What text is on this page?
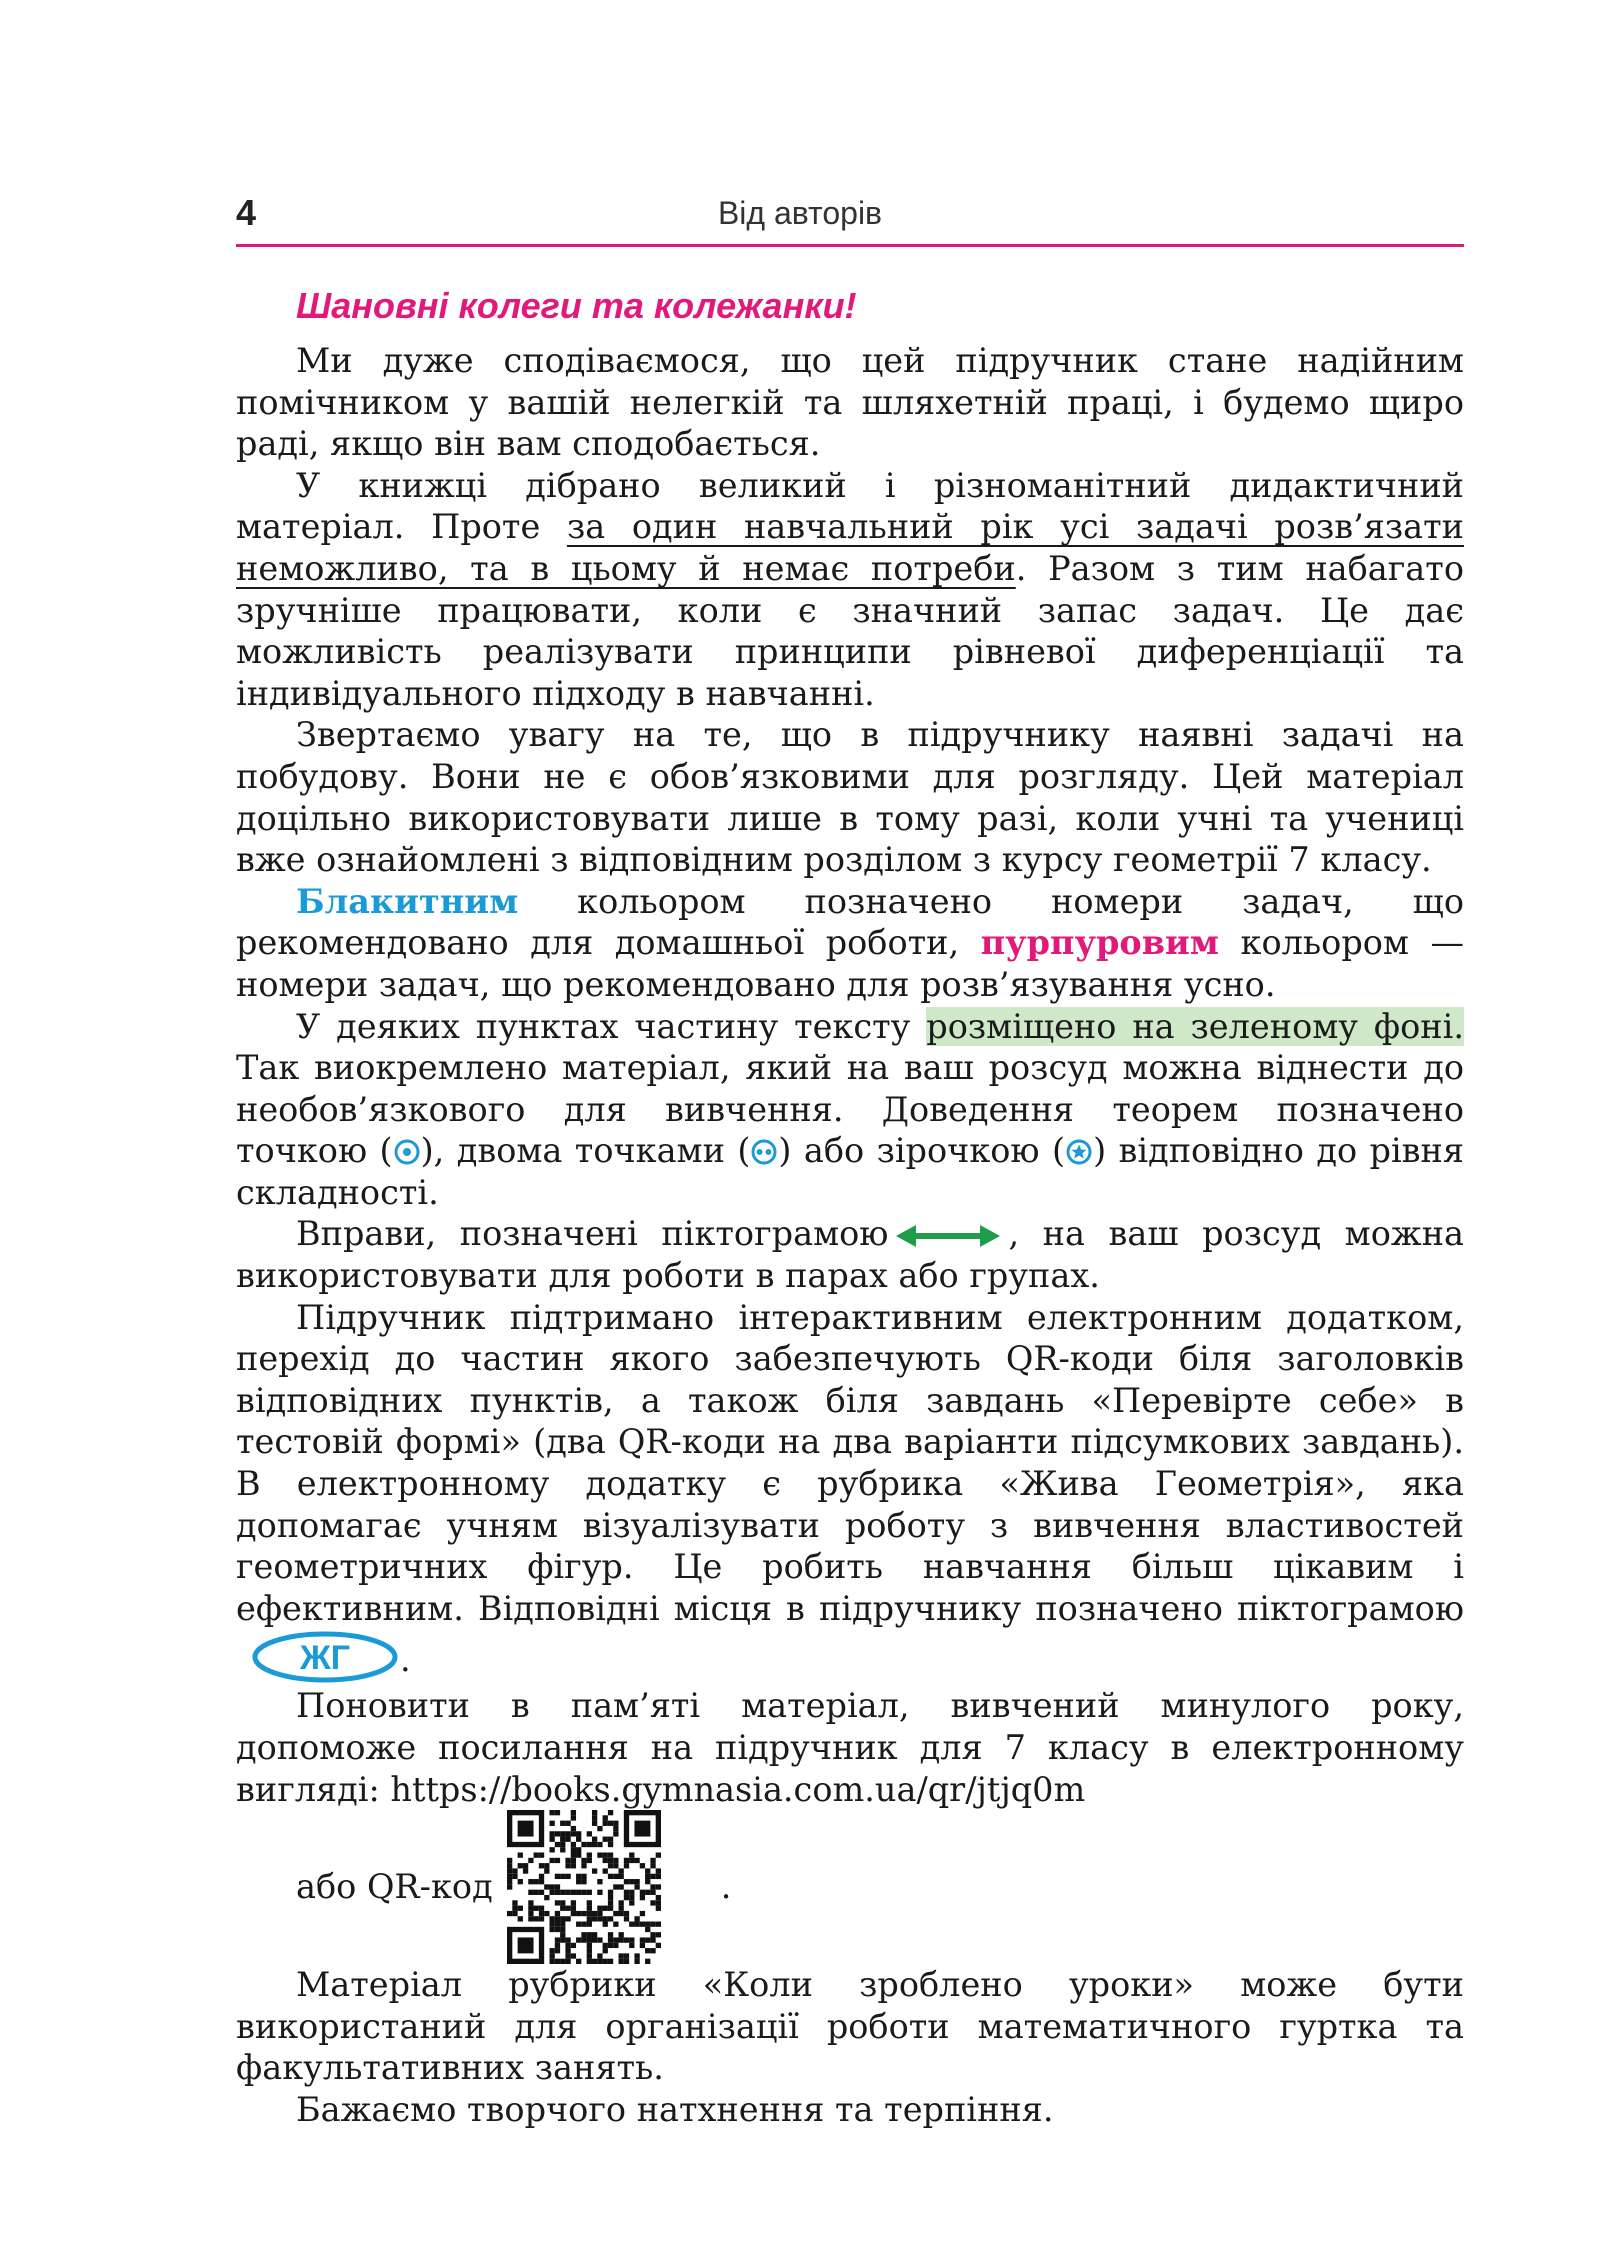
4	Від авторів
Шановні колеги та колежанки!

Ми дуже сподіваємося, що цей підручник стане надійним помічником у вашій нелегкій та шляхетній праці, і будемо щиро раді, якщо він вам сподобається.

У книжці дібрано великий і різноманітний дидактичний матеріал. Проте за один навчальний рік усі задачі розв’язати неможливо, та в цьому й немає потреби. Разом з тим набагато зручніше працювати, коли є значний запас задач. Це дає можливість реалізувати принципи рівневої диференціації та індивідуального підходу в навчанні.

Звертаємо увагу на те, що в підручнику наявні задачі на побудову. Вони не є обов’язковими для розгляду. Цей матеріал доцільно використовувати лише в тому разі, коли учні та учениці вже ознайомлені з відповідним розділом з курсу геометрії 7 класу.

Блакитним кольором позначено номери задач, що рекомендовано для домашньої роботи, пурпуровим кольором — номери задач, що рекомендовано для розв’язування усно.

У деяких пунктах частину тексту розміщено на зеленому фоні. Так виокремлено матеріал, який на ваш розсуд можна віднести до необов’язкового для вивчення. Доведення теорем позначено точкою ( ), двома точками ( ) або зірочкою ( ) відповідно до рівня складності.

Вправи, позначені піктограмою	, на ваш розсуд можна використовувати для роботи в парах або групах.

Підручник підтримано інтерактивним електронним додатком, перехід до частин якого забезпечують QR-коди біля заголовків відповідних пунктів, а також біля завдань «Перевірте себе» в тестовій формі» (два QR-коди на два варіанти підсумкових завдань). В електронному додатку є рубрика «Жива Геометрія», яка допомагає учням візуалізувати роботу з вивчення властивостей геометричних фігур. Це робить навчання більш цікавим і ефективним. Відповідні місця в підручнику позначено піктограмою
ЖГ .

Поновити в пам’яті матеріал, вивчений минулого року, допоможе посилання на підручник для 7 класу в електронному вигляді: https://books.gymnasia.com.ua/qr/jtjq0m

або QR-код	.

Матеріал рубрики «Коли зроблено уроки» може бути використаний для організації роботи математичного гуртка та факультативних занять.

Бажаємо творчого натхнення та терпіння.
